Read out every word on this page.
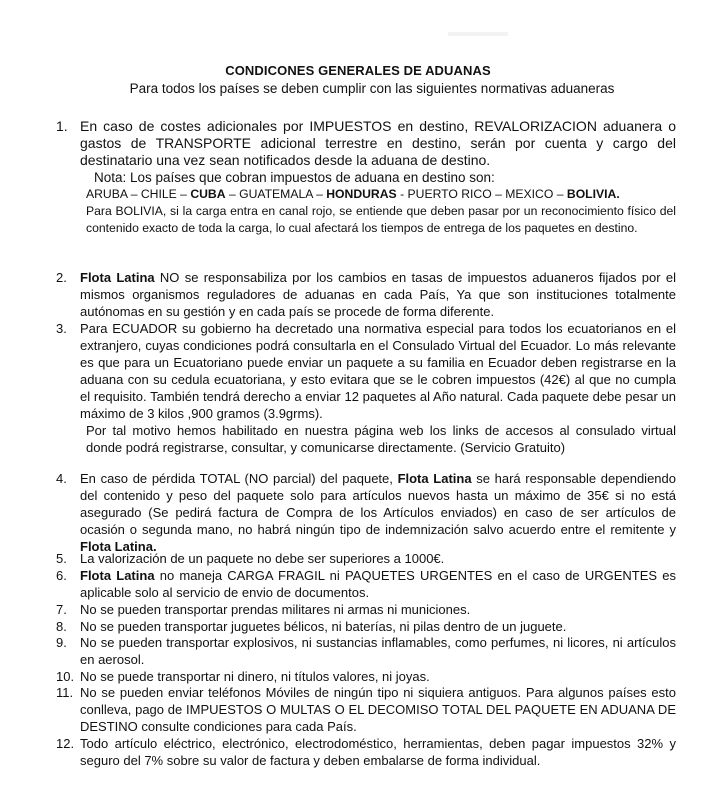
CONDICONES GENERALES DE ADUANAS
Para todos los países se deben cumplir con las siguientes normativas aduaneras
1. En caso de costes adicionales por IMPUESTOS en destino, REVALORIZACION aduanera o gastos de TRANSPORTE adicional terrestre en destino, serán por cuenta y cargo del destinatario una vez sean notificados desde la aduana de destino.
Nota: Los países que cobran impuestos de aduana en destino son:
ARUBA – CHILE – CUBA – GUATEMALA – HONDURAS - PUERTO RICO – MEXICO – BOLIVIA.
Para BOLIVIA, si la carga entra en canal rojo, se entiende que deben pasar por un reconocimiento físico del contenido exacto de toda la carga, lo cual afectará los tiempos de entrega de los paquetes en destino.
2.	Flota Latina NO se responsabiliza por los cambios en tasas de impuestos aduaneros fijados por el mismos organismos reguladores de aduanas en cada País, Ya que son instituciones totalmente autónomas en su gestión y en cada país se procede de forma diferente.
3.	Para ECUADOR su gobierno ha decretado una normativa especial para todos los ecuatorianos en el extranjero, cuyas condiciones podrá consultarla en el Consulado Virtual del Ecuador. Lo más relevante es que para un Ecuatoriano puede enviar un paquete a su familia en Ecuador deben registrarse en la aduana con su cedula ecuatoriana, y esto evitara que se le cobren impuestos (42€) al que no cumpla el requisito. También tendrá derecho a enviar 12 paquetes al Año natural. Cada paquete debe pesar un máximo de 3 kilos ,900 gramos (3.9grms).
Por tal motivo hemos habilitado en nuestra página web los links de accesos al consulado virtual donde podrá registrarse, consultar, y comunicarse directamente. (Servicio Gratuito)
4.	En caso de pérdida TOTAL (NO parcial) del paquete, Flota Latina se hará responsable dependiendo del contenido y peso del paquete solo para artículos nuevos hasta un máximo de 35€ si no está asegurado (Se pedirá factura de Compra de los Artículos enviados) en caso de ser artículos de ocasión o segunda mano, no habrá ningún tipo de indemnización salvo acuerdo entre el remitente y Flota Latina.
5.	La valorización de un paquete no debe ser superiores a 1000€.
6.	Flota Latina no maneja CARGA FRAGIL ni PAQUETES URGENTES en el caso de URGENTES es aplicable solo al servicio de envio de documentos.
7.	No se pueden transportar prendas militares ni armas ni municiones.
8.	No se pueden transportar juguetes bélicos, ni baterías, ni pilas dentro de un juguete.
9.	No se pueden transportar explosivos, ni sustancias inflamables, como perfumes, ni licores, ni artículos en aerosol.
10. No se puede transportar ni dinero, ni títulos valores, ni joyas.
11. No se pueden enviar teléfonos Móviles de ningún tipo ni siquiera antiguos. Para algunos países esto conlleva, pago de IMPUESTOS O MULTAS O EL DECOMISO TOTAL DEL PAQUETE EN ADUANA DE DESTINO consulte condiciones para cada País.
12. Todo artículo eléctrico, electrónico, electrodoméstico, herramientas, deben pagar impuestos 32% y seguro del 7% sobre su valor de factura y deben embalarse de forma individual.
